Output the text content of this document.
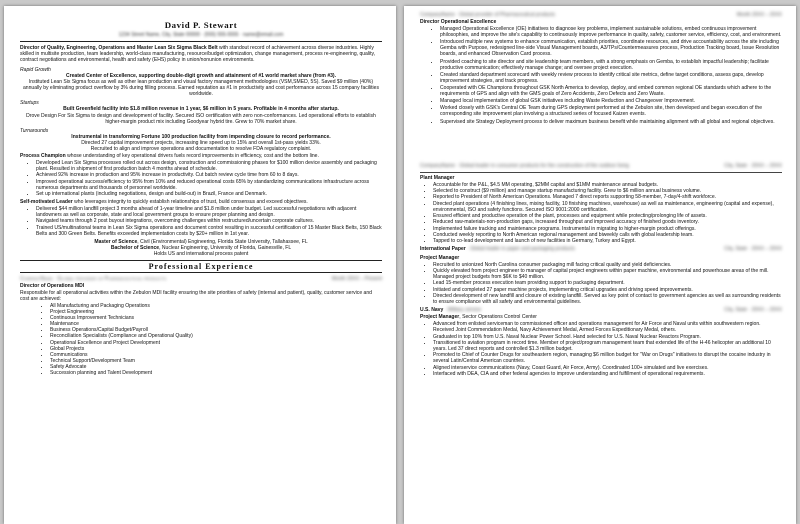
David P. Stewart
1234 Street Name, City, State 00000 · (555) 555-5555 · name@email.com
Director of Quality, Engineering, Operations and Master Lean Six Sigma Black Belt with standout record of achievement across diverse industries. Highly skilled in multisite production, team leadership, world-class manufacturing, resource/budget optimization, change management, process re-engineering, quality, contract negotiations and environmental, health and safety (EHS) policy in union/nonunion environments.
Rapid Growth
Created Center of Excellence, supporting double-digit growth and attainment of #1 world market share (from #3).
Instituted Lean Six Sigma focus as well as other lean production and visual factory management methodologies (VSM,SMED, 5S). Saved $9 million (40%) annually by eliminating product overflow by 3% during filling process. Earned reputation as #1 in productivity and cost performance across 15 company facilities worldwide.
Startups
Built Greenfield facility into $1.8 million revenue in 1 year, $6 million in 5 years. Profitable in 4 months after startup.
Drove Design For Six Sigma to design and development of facility. Secured ISO certification with zero non-conformances. Led operational efforts to establish higher-margin product mix including Goodyear hybrid tire. Grew to 70% market share.
Turnarounds
Instrumental in transforming Fortune 100 production facility from impending closure to record performance.
Directed 27 capital improvement projects, increasing line speed up to 15% and overall 1st-pass yields 33%.
Recruited to align and improve operations and documentation to resolve FDA regulatory complaint.
Process Champion whose understanding of key operational drivers fuels record improvements in efficiency, cost and the bottom line.
• Developed Lean Six Sigma processes rolled out across design, construction and commissioning phases for $100 million device assembly and packaging plant. Resulted in shipment of first production batch 4 months ahead of schedule.
• Achieved 92% increase in production and 95% increase in productivity. Cut batch review cycle time from 60 to 8 days.
• Improved operational success/efficiency to 95% from 10% and reduced operational costs 65% by standardizing communications infrastructure across numerous departments and thousands of personnel worldwide.
• Set up international plants (including negotiations, design and build-out) in Brazil, France and Denmark.
Self-motivated Leader who leverages integrity to quickly establish relationships of trust, build consensus and exceed objectives.
• Delivered $44 million landfill project 3 months ahead of 1-year timeline and $1.8 million under budget. Led successful negotiations with adjacent landowners as well as corporate, state and local government groups to ensure proper planning and design.
• Navigated teams through 2 post buyout integrations, overcoming challenges within restructured/uncertain corporate cultures.
• Trained US/multinational teams in Lean Six Sigma operations and document control resulting in successful certification of 15 Master Black Belts, 150 Black Belts and 300 Green Belts. Benefits exceeded implementation costs by $20+ million in 1st year.
Master of Science, Civil (Environmental) Engineering, Florida State University, Tallahassee, FL
Bachelor of Science, Nuclear Engineering, University of Florida, Gainesville, FL
Holds US and international process patent
Professional Experience
CompanyName · Global provider of Pharmaceutical products	Month 20XX – Present
Director of Operations MDI
Responsible for all operational activities within the Zebulon MDI facility ensuring the site priorities of safety (internal and patient), quality, customer service and cost are achieved:
• All Manufacturing and Packaging Operations
• Project Engineering
• Continuous Improvement Technicians
• Maintenance
• Business Operations/Capital Budget/Payroll
• Reconciliation Specialists (Compliance and Operational Quality)
• Operational Excellence and Project Development
• Global Projects
• Communications
• Technical Support/Development Team
• Safety Advocate
• Succession planning and Talent Development
CompanyName · Global provider of Pharmaceutical products	Month 20XX – 20XX
Director Operational Excellence
• Managed Operational Excellence (OE) initiatives to diagnose key problems, implement sustainable solutions, embed continuous improvement philosophies, and improve the site's capability to continuously improve performance in quality, safety, customer service, efficiency, cost, and environment.
• Introduced multiple new systems to enhance communication, establish priorities, coordinate resources, and drive accountability across the site including Gemba with Purpose, redesigned line-side Visual Management boards, A3/TPs/Countermeasures process, Production Tracking board, Issue Resolution boards, and enhanced Observation Card process.
• Provided coaching to site director and site leadership team members, with a strong emphasis on Gemba, to establish impactful leadership; facilitate productive communication; effectively manage change; and oversee project execution.
• Created standard department scorecard with weekly review process to identify critical site metrics, define target conditions, assess gaps, develop improvement strategies, and track progress.
• Cooperated with OE Champions throughout GSK North America to develop, deploy, and embed common regional OE standards which adhere to the requirements of GPS and align with the GMS goals of Zero Accidents, Zero Defects and Zero Waste.
• Managed local implementation of global GSK initiatives including Waste Reduction and Changeover Improvement.
• Worked closely with GSK's Central OE Team during GPS deployment performed at the Zebulon site, then developed and began execution of the corresponding site improvement plan involving a structured series of focused Kaizen events.
• Supervised site Strategy Deployment process to deliver maximum business benefit while maintaining alignment with all global and regional objectives.
CompanyName · Global leader in consumer products for the construction of the outdoor living	City, State · 20XX – 20XX
Plant Manager
• Accountable for the P&L, $4.5 MM operating, $2MM capital and $1MM maintenance annual budgets.
• Selected to construct ($9 million) and manage startup manufacturing facility. Grew to $6 million annual business volume.
• Reported to President of North American Operations. Managed 7 direct reports supporting 58-member, 7-day/4-shift workforce.
• Directed plant operations (4 finishing lines, mixing facility, 10 finishing machines, warehouse) as well as maintenance, engineering (capital and expense), environmental, ISO and safety functions. Secured ISO 9001:2000 certification.
• Ensured efficient and productive operation of the plant, processes and equipment while protecting/prolonging life of assets.
• Reduced raw-materials-non-production gaps, increased throughput and improved accuracy of finished goods inventory.
• Implemented failure tracking and maintenance programs. Instrumental in migrating to higher-margin product offerings.
• Conducted weekly reporting to North American regional management and biweekly calls with global leadership team.
• Tapped to co-lead development and launch of new facilities in Germany, Turkey and Egypt.
International Paper · Global leader in paper and packaging products	City, State · 20XX – 20XX
Project Manager
• Recruited to unionized North Carolina consumer packaging mill facing critical quality and yield deficiencies.
• Quickly elevated from project engineer to manager of capital project engineers within paper machine, environmental and powerhouse areas of the mill. Managed project budgets from $6K to $40 million.
• Lead 15-member process execution team providing support to packaging department.
• Initiated and completed 27 paper machine projects, implementing critical upgrades and driving speed improvements.
• Directed development of new landfill and closure of existing landfill. Served as key point of contact to government agencies as well as surrounding residents to ensure compliance with all safety and environmental guidelines.
U.S. Navy · Military service	City, State · 20XX – 20XX
Project Manager, Sector Operations Control Center
• Advanced from enlisted serviceman to commissioned officer and operations management for Air Force and Naval units within southwestern region. Received Joint Commendation Medal, Navy Achievement Medal, Armed Forces Expeditionary Medal, others.
• Graduated in top 10% from U.S. Naval Nuclear Power School. Hand selected for U.S. Naval Nuclear Reactors Program.
• Transitioned to aviation program in record time. Member of project/program management team that extended life of the H-46 helicopter an additional 10 years. Led 37 direct reports and controlled $1.3 million budget.
• Promoted to Chief of Counter Drugs for southeastern region, managing $6 million budget for "War on Drugs" initiatives to disrupt the cocaine industry in several Latin/Central American countries.
• Aligned interservice communications (Navy, Coast Guard, Air Force, Army). Coordinated 100+ simulated and live exercises.
• Interfaced with DEA, CIA and other federal agencies to improve understanding and fulfillment of operational requirements.
